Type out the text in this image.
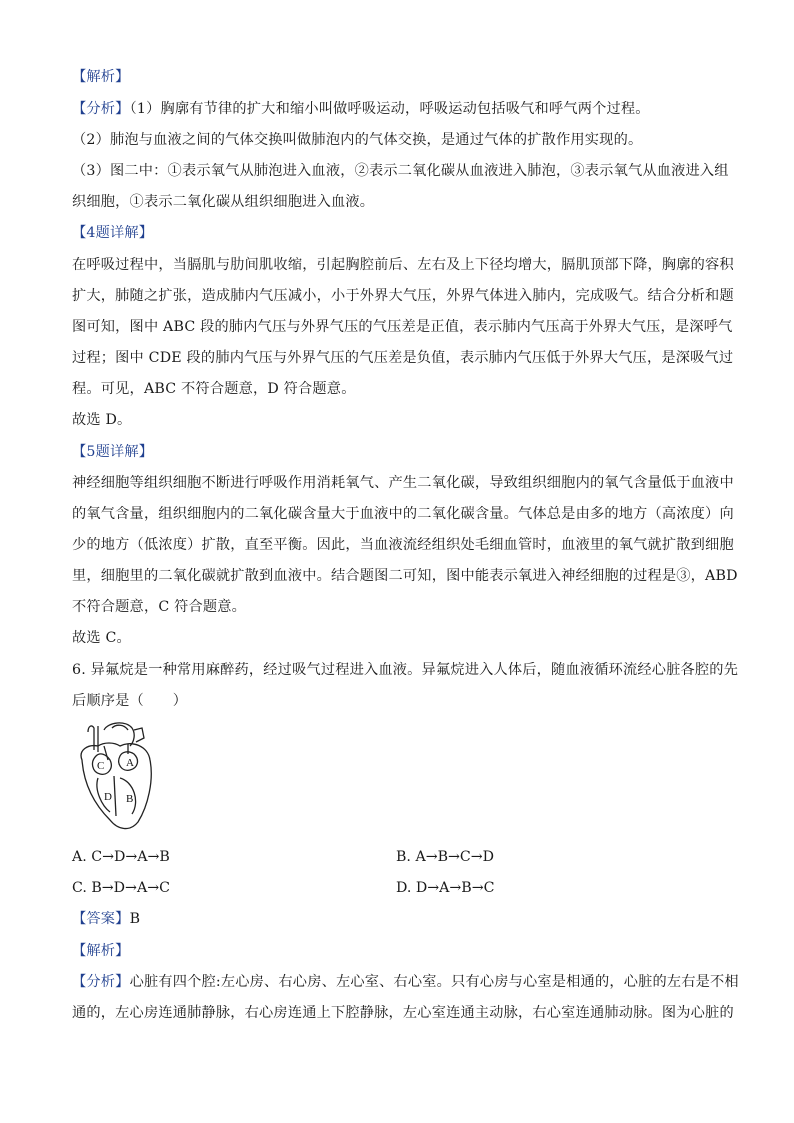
【解析】
【分析】（1）胸廓有节律的扩大和缩小叫做呼吸运动，呼吸运动包括吸气和呼气两个过程。
（2）肺泡与血液之间的气体交换叫做肺泡内的气体交换，是通过气体的扩散作用实现的。
（3）图二中：①表示氧气从肺泡进入血液，②表示二氧化碳从血液进入肺泡，③表示氧气从血液进入组
织细胞，①表示二氧化碳从组织细胞进入血液。
【4题详解】
在呼吸过程中，当膈肌与肋间肌收缩，引起胸腔前后、左右及上下径均增大，膈肌顶部下降，胸廓的容积
扩大，肺随之扩张，造成肺内气压减小，小于外界大气压，外界气体进入肺内，完成吸气。结合分析和题
图可知，图中 ABC 段的肺内气压与外界气压的气压差是正值，表示肺内气压高于外界大气压，是深呼气
过程；图中 CDE 段的肺内气压与外界气压的气压差是负值，表示肺内气压低于外界大气压，是深吸气过
程。可见，ABC 不符合题意，D 符合题意。
故选 D。
【5题详解】
神经细胞等组织细胞不断进行呼吸作用消耗氧气、产生二氧化碳，导致组织细胞内的氧气含量低于血液中
的氧气含量，组织细胞内的二氧化碳含量大于血液中的二氧化碳含量。气体总是由多的地方（高浓度）向
少的地方（低浓度）扩散，直至平衡。因此，当血液流经组织处毛细血管时，血液里的氧气就扩散到细胞
里，细胞里的二氧化碳就扩散到血液中。结合题图二可知，图中能表示氧进入神经细胞的过程是③，ABD
不符合题意，C 符合题意。
故选 C。
6. 异氟烷是一种常用麻醉药，经过吸气过程进入血液。异氟烷进入人体后，随血液循环流经心脏各腔的先
后顺序是（　　）
C A
D B
A. C→D→A→B	B. A→B→C→D
C. B→D→A→C	D. D→A→B→C
【答案】B
【解析】
【分析】心脏有四个腔:左心房、右心房、左心室、右心室。只有心房与心室是相通的，心脏的左右是不相
通的，左心房连通肺静脉，右心房连通上下腔静脉，左心室连通主动脉，右心室连通肺动脉。图为心脏的
